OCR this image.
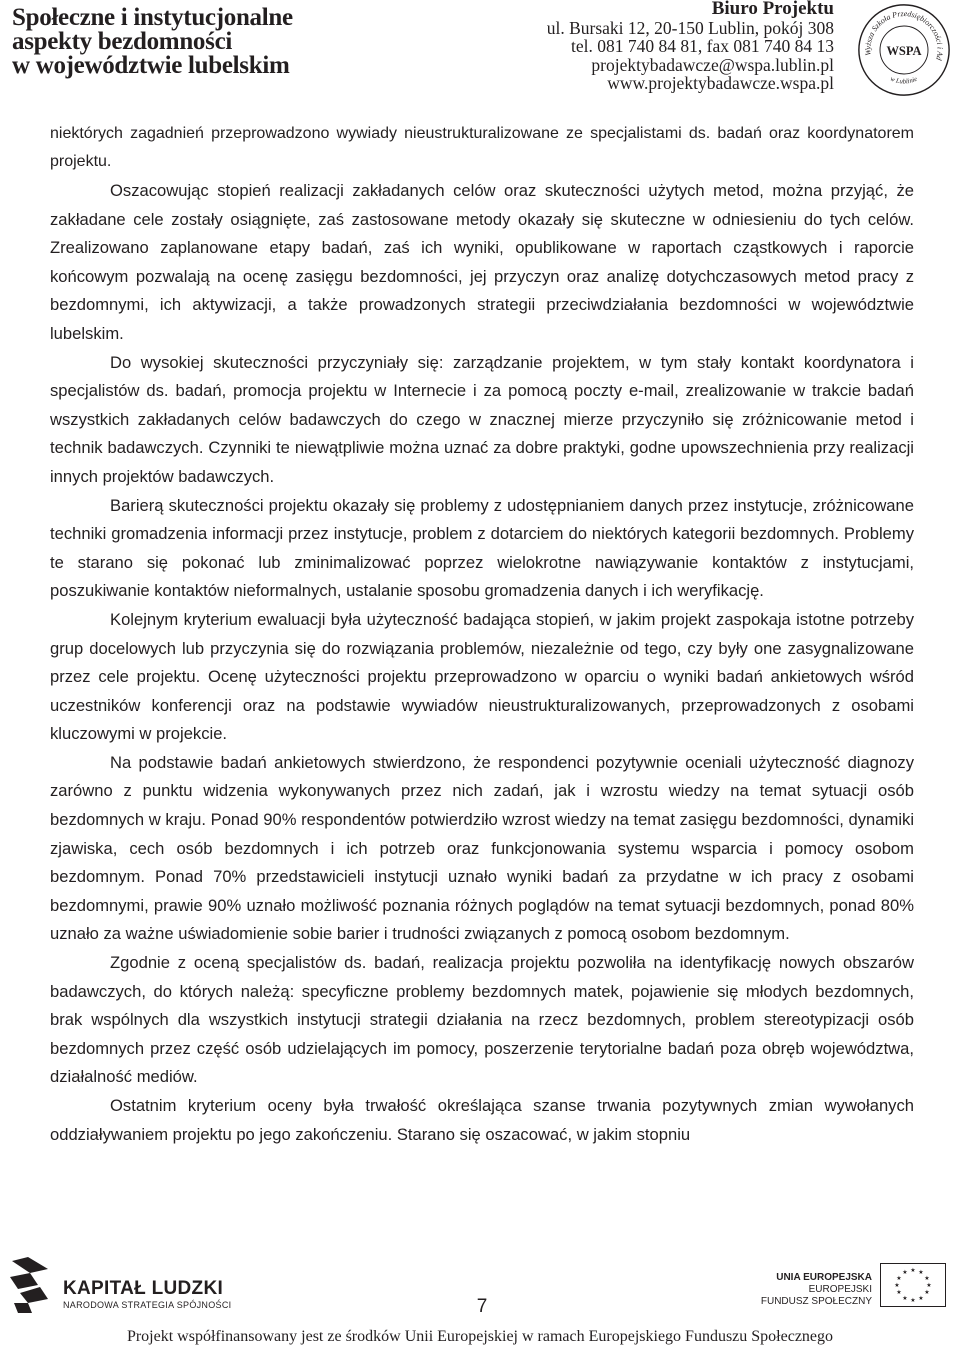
Społeczne i instytucjonalne
aspekty bezdomności
w województwie lubelskim
Biuro Projektu
ul. Bursaki 12, 20-150 Lublin, pokój 308
tel. 081 740 84 81, fax 081 740 84 13
projektybadawcze@wspa.lublin.pl
www.projektybadawcze.wspa.pl
Wyższa Szkoła Przedsiębiorczości i Ad
WSPA
w Lublinie

niektórych zagadnień przeprowadzono wywiady nieustrukturalizowane ze specjalistami ds. badań oraz koordynatorem projektu.

Oszacowując stopień realizacji zakładanych celów oraz skuteczności użytych metod, można przyjąć, że zakładane cele zostały osiągnięte, zaś zastosowane metody okazały się skuteczne w odniesieniu do tych celów. Zrealizowano zaplanowane etapy badań, zaś ich wyniki, opublikowane w raportach cząstkowych i raporcie końcowym pozwalają na ocenę zasięgu bezdomności, jej przyczyn oraz analizę dotychczasowych metod pracy z bezdomnymi, ich aktywizacji, a także prowadzonych strategii przeciwdziałania bezdomności w województwie lubelskim.

Do wysokiej skuteczności przyczyniały się: zarządzanie projektem, w tym stały kontakt koordynatora i specjalistów ds. badań, promocja projektu w Internecie i za pomocą poczty e-mail, zrealizowanie w trakcie badań wszystkich zakładanych celów badawczych do czego w znacznej mierze przyczyniło się zróżnicowanie metod i technik badawczych. Czynniki te niewątpliwie można uznać za dobre praktyki, godne upowszechnienia przy realizacji innych projektów badawczych.

Barierą skuteczności projektu okazały się problemy z udostępnianiem danych przez instytucje, zróżnicowane techniki gromadzenia informacji przez instytucje, problem z dotarciem do niektórych kategorii bezdomnych. Problemy te starano się pokonać lub zminimalizować poprzez wielokrotne nawiązywanie kontaktów z instytucjami, poszukiwanie kontaktów nieformalnych, ustalanie sposobu gromadzenia danych i ich weryfikację.

Kolejnym kryterium ewaluacji była użyteczność badająca stopień, w jakim projekt zaspokaja istotne potrzeby grup docelowych lub przyczynia się do rozwiązania problemów, niezależnie od tego, czy były one zasygnalizowane przez cele projektu. Ocenę użyteczności projektu przeprowadzono w oparciu o wyniki badań ankietowych wśród uczestników konferencji oraz na podstawie wywiadów nieustrukturalizowanych, przeprowadzonych z osobami kluczowymi w projekcie.

Na podstawie badań ankietowych stwierdzono, że respondenci pozytywnie oceniali użyteczność diagnozy zarówno z punktu widzenia wykonywanych przez nich zadań, jak i wzrostu wiedzy na temat sytuacji osób bezdomnych w kraju. Ponad 90% respondentów potwierdziło wzrost wiedzy na temat zasięgu bezdomności, dynamiki zjawiska, cech osób bezdomnych i ich potrzeb oraz funkcjonowania systemu wsparcia i pomocy osobom bezdomnym. Ponad 70% przedstawicieli instytucji uznało wyniki badań za przydatne w ich pracy z osobami bezdomnymi, prawie 90% uznało możliwość poznania różnych poglądów na temat sytuacji bezdomnych, ponad 80% uznało za ważne uświadomienie sobie barier i trudności związanych z pomocą osobom bezdomnym.

Zgodnie z oceną specjalistów ds. badań, realizacja projektu pozwoliła na identyfikację nowych obszarów badawczych, do których należą: specyficzne problemy bezdomnych matek, pojawienie się młodych bezdomnych, brak wspólnych dla wszystkich instytucji strategii działania na rzecz bezdomnych, problem stereotypizacji osób bezdomnych przez część osób udzielających im pomocy, poszerzenie terytorialne badań poza obręb województwa, działalność mediów.

Ostatnim kryterium oceny była trwałość określająca szanse trwania pozytywnych zmian wywołanych oddziaływaniem projektu po jego zakończeniu. Starano się oszacować, w jakim stopniu

KAPITAŁ LUDZKI
NARODOWA STRATEGIA SPÓJNOŚCI	7
UNIA EUROPEJSKA
EUROPEJSKI
FUNDUSZ SPOŁECZNY
★ ★
★
★
★
★
★
★
★
★
★
★
Projekt współfinansowany jest ze środków Unii Europejskiej w ramach Europejskiego Funduszu Społecznego
